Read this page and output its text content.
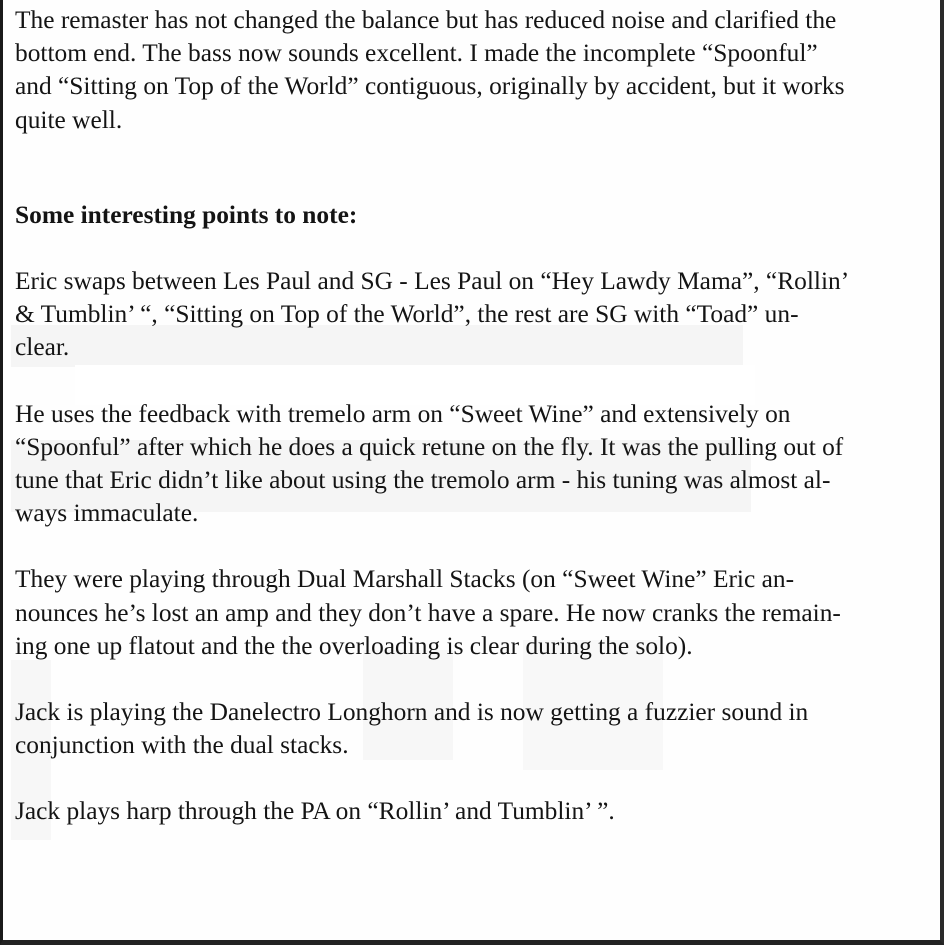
The remaster has not changed the balance but has reduced noise and clarified the
bottom end. The bass now sounds excellent. I made the incomplete “Spoonful”
and “Sitting on Top of the World” contiguous, originally by accident, but it works
quite well.

Some interesting points to note:

Eric swaps between Les Paul and SG - Les Paul on “Hey Lawdy Mama”, “Rollin’
& Tumblin’ “, “Sitting on Top of the World”, the rest are SG with “Toad” un-
clear.

He uses the feedback with tremelo arm on “Sweet Wine” and extensively on
“Spoonful” after which he does a quick retune on the fly. It was the pulling out of
tune that Eric didn’t like about using the tremolo arm - his tuning was almost al-
ways immaculate.

They were playing through Dual Marshall Stacks (on “Sweet Wine” Eric an-
nounces he’s lost an amp and they don’t have a spare. He now cranks the remain-
ing one up flatout and the the overloading is clear during the solo).

Jack is playing the Danelectro Longhorn and is now getting a fuzzier sound in
conjunction with the dual stacks.

Jack plays harp through the PA on “Rollin’ and Tumblin’ ”.
